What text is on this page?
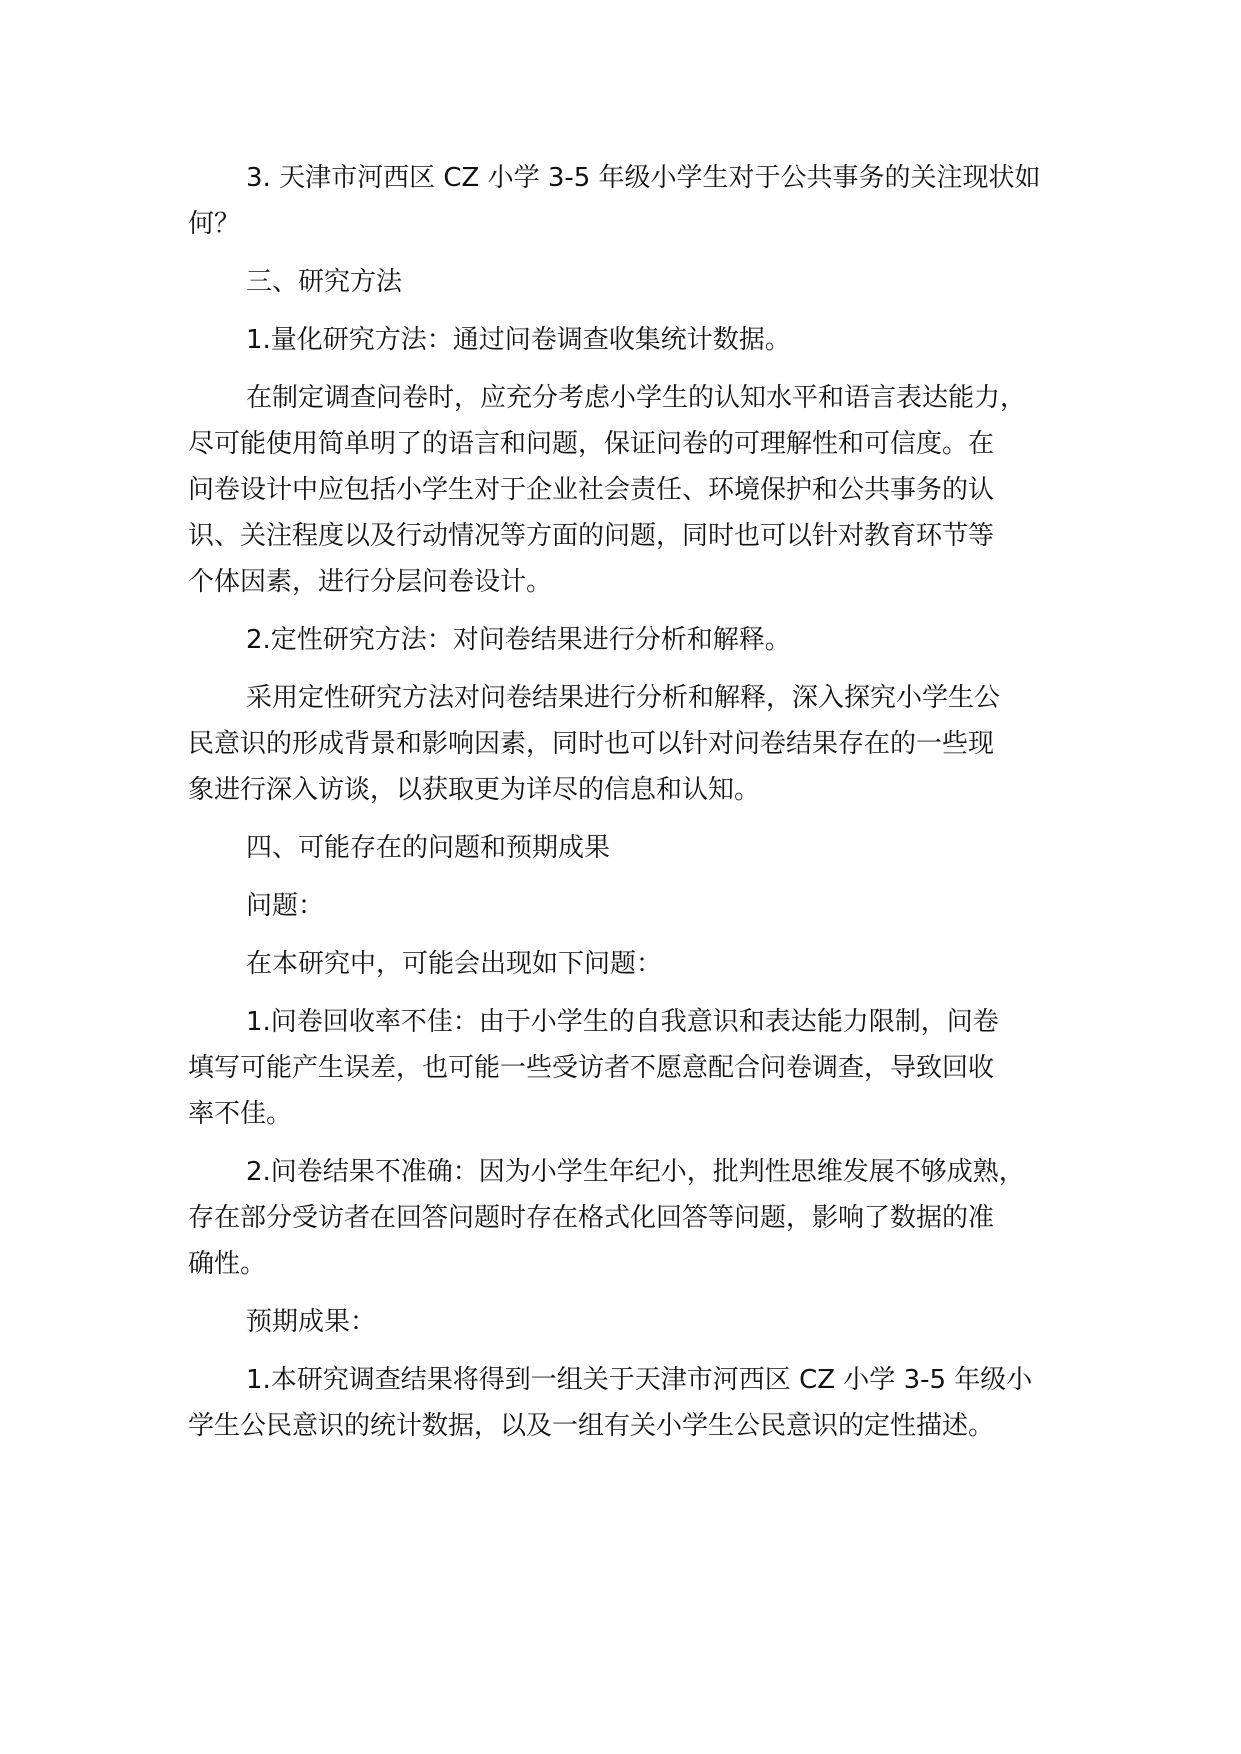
3. 天津市河西区 CZ 小学 3-5 年级小学生对于公共事务的关注现状如
何？
三、研究方法
1.量化研究方法：通过问卷调查收集统计数据。
在制定调查问卷时，应充分考虑小学生的认知水平和语言表达能力，
尽可能使用简单明了的语言和问题，保证问卷的可理解性和可信度。在
问卷设计中应包括小学生对于企业社会责任、环境保护和公共事务的认
识、关注程度以及行动情况等方面的问题，同时也可以针对教育环节等
个体因素，进行分层问卷设计。
2.定性研究方法：对问卷结果进行分析和解释。
采用定性研究方法对问卷结果进行分析和解释，深入探究小学生公
民意识的形成背景和影响因素，同时也可以针对问卷结果存在的一些现
象进行深入访谈，以获取更为详尽的信息和认知。
四、可能存在的问题和预期成果
问题：
在本研究中，可能会出现如下问题：
1.问卷回收率不佳：由于小学生的自我意识和表达能力限制，问卷
填写可能产生误差，也可能一些受访者不愿意配合问卷调查，导致回收
率不佳。
2.问卷结果不准确：因为小学生年纪小，批判性思维发展不够成熟，
存在部分受访者在回答问题时存在格式化回答等问题，影响了数据的准
确性。
预期成果：
1.本研究调查结果将得到一组关于天津市河西区 CZ 小学 3-5 年级小
学生公民意识的统计数据，以及一组有关小学生公民意识的定性描述。
